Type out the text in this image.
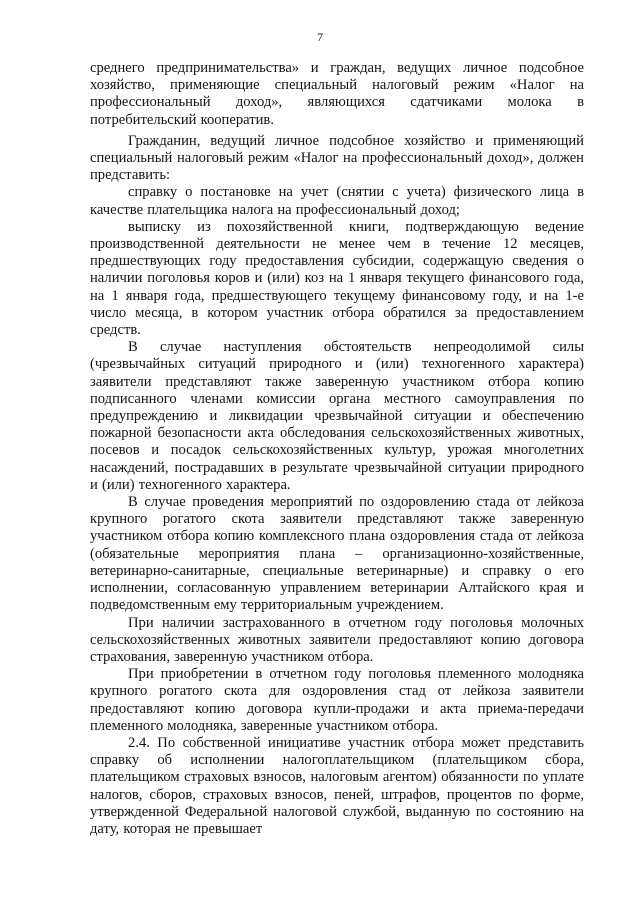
7

среднего предпринимательства» и граждан, ведущих личное подсобное хозяйство, применяющие специальный налоговый режим «Налог на профессиональный доход», являющихся сдатчиками молока в потребительский кооператив.

Гражданин, ведущий личное подсобное хозяйство и применяющий специальный налоговый режим «Налог на профессиональный доход», должен представить:

справку о постановке на учет (снятии с учета) физического лица в качестве плательщика налога на профессиональный доход;

выписку из похозяйственной книги, подтверждающую ведение производственной деятельности не менее чем в течение 12 месяцев, предшествующих году предоставления субсидии, содержащую сведения о наличии поголовья коров и (или) коз на 1 января текущего финансового года, на 1 января года, предшествующего текущему финансовому году, и на 1-е число месяца, в котором участник отбора обратился за предоставлением средств.

В случае наступления обстоятельств непреодолимой силы (чрезвычайных ситуаций природного и (или) техногенного характера) заявители представляют также заверенную участником отбора копию подписанного членами комиссии органа местного самоуправления по предупреждению и ликвидации чрезвычайной ситуации и обеспечению пожарной безопасности акта обследования сельскохозяйственных животных, посевов и посадок сельскохозяйственных культур, урожая многолетних насаждений, пострадавших в результате чрезвычайной ситуации природного и (или) техногенного характера.

В случае проведения мероприятий по оздоровлению стада от лейкоза крупного рогатого скота заявители представляют также заверенную участником отбора копию комплексного плана оздоровления стада от лейкоза (обязательные мероприятия плана – организационно-хозяйственные, ветеринарно-санитарные, специальные ветеринарные) и справку о его исполнении, согласованную управлением ветеринарии Алтайского края и подведомственным ему территориальным учреждением.

При наличии застрахованного в отчетном году поголовья молочных сельскохозяйственных животных заявители предоставляют копию договора страхования, заверенную участником отбора.

При приобретении в отчетном году поголовья племенного молодняка крупного рогатого скота для оздоровления стад от лейкоза заявители предоставляют копию договора купли-продажи и акта приема-передачи племенного молодняка, заверенные участником отбора.

2.4. По собственной инициативе участник отбора может представить справку об исполнении налогоплательщиком (плательщиком сбора, плательщиком страховых взносов, налоговым агентом) обязанности по уплате налогов, сборов, страховых взносов, пеней, штрафов, процентов по форме, утвержденной Федеральной налоговой службой, выданную по состоянию на дату, которая не превышает
